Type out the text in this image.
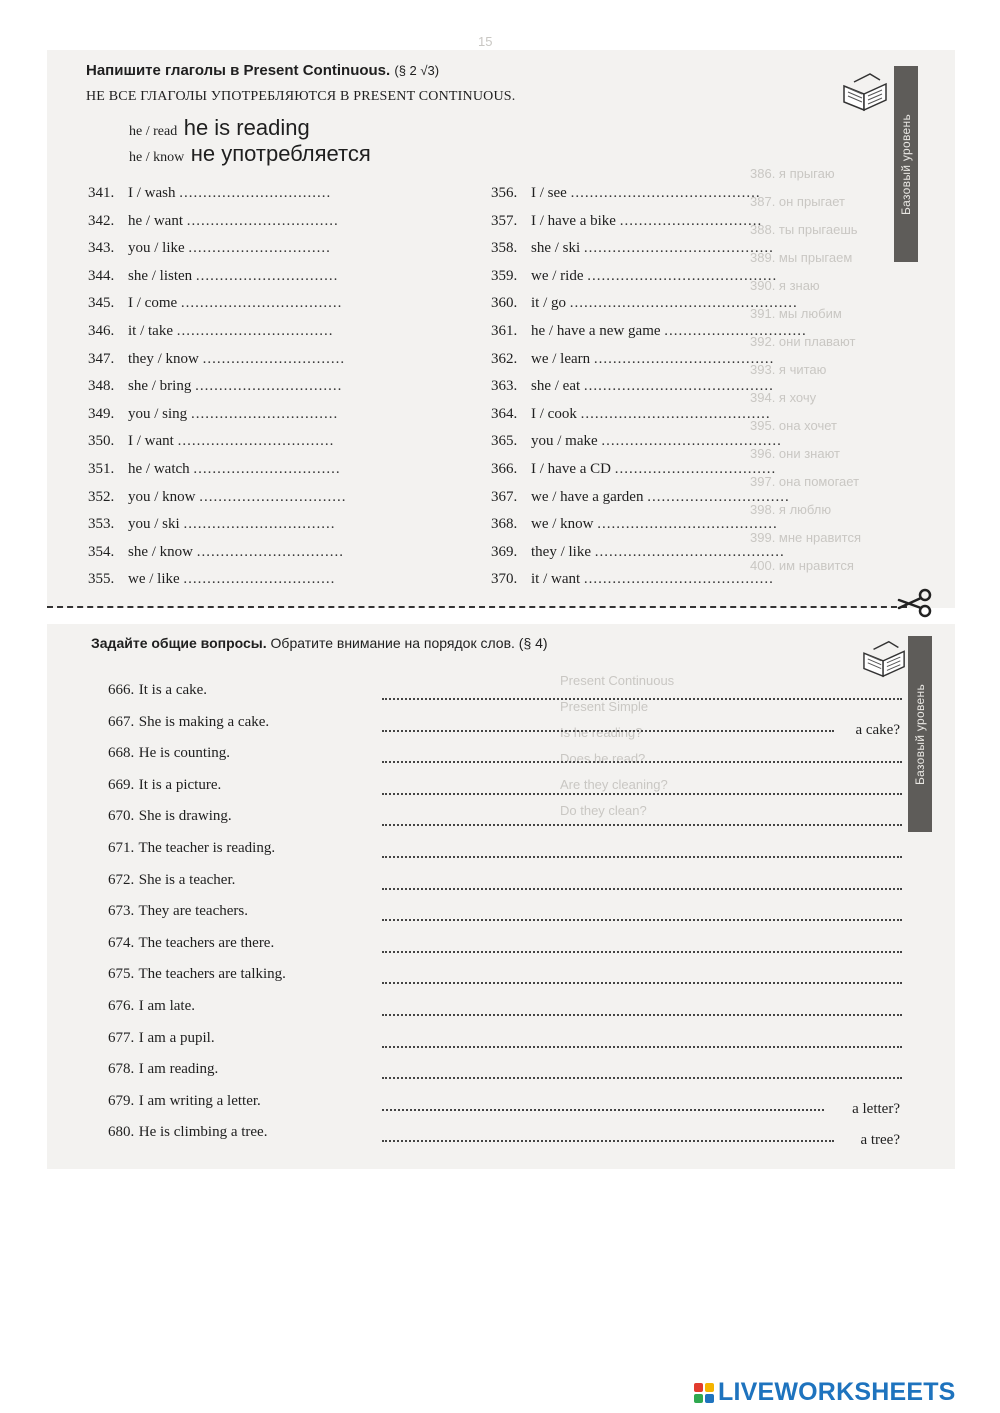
15
386. я прыгаю
387. он прыгает
388. ты прыгаешь
389. мы прыгаем
390. я знаю
391. мы любим
392. они плавают
393. я читаю
394. я хочу
395. она хочет
396. они знают
397. она помогает
398. я люблю
399. мне нравится
400. им нравится
Present Continuous
Present Simple
Is he reading?
Does he read?
Are they cleaning?
Do they clean?
Напишите глаголы в Present Continuous. (§ 2 √3)
НЕ ВСЕ ГЛАГОЛЫ УПОТРЕБЛЯЮТСЯ В PRESENT CONTINUOUS.
he / read he is reading
he / know не употребляется
341. I / wash ................................
342. he / want ................................
343. you / like ..............................
344. she / listen ..............................
345. I / come ..................................
346. it / take .................................
347. they / know ..............................
348. she / bring ...............................
349. you / sing ...............................
350. I / want .................................
351. he / watch ...............................
352. you / know ...............................
353. you / ski ................................
354. she / know ...............................
355. we / like ................................
356. I / see ........................................
357. I / have a bike ..............................
358. she / ski ........................................
359. we / ride ........................................
360. it / go ................................................
361. he / have a new game ..............................
362. we / learn ......................................
363. she / eat ........................................
364. I / cook ........................................
365. you / make ......................................
366. I / have a CD ..................................
367. we / have a garden ..............................
368. we / know ......................................
369. they / like ........................................
370. it / want ........................................
Базовый уровень
Задайте общие вопросы. Обратите внимание на порядок слов. (§ 4)
666. It is a cake.
667. She is making a cake.	a cake?
668. He is counting.
669. It is a picture.
670. She is drawing.
671. The teacher is reading.
672. She is a teacher.
673. They are teachers.
674. The teachers are there.
675. The teachers are talking.
676. I am late.
677. I am a pupil.
678. I am reading.
679. I am writing a letter.	a letter?
680. He is climbing a tree.	a tree?
Базовый уровень
LIVEWORKSHEETS
